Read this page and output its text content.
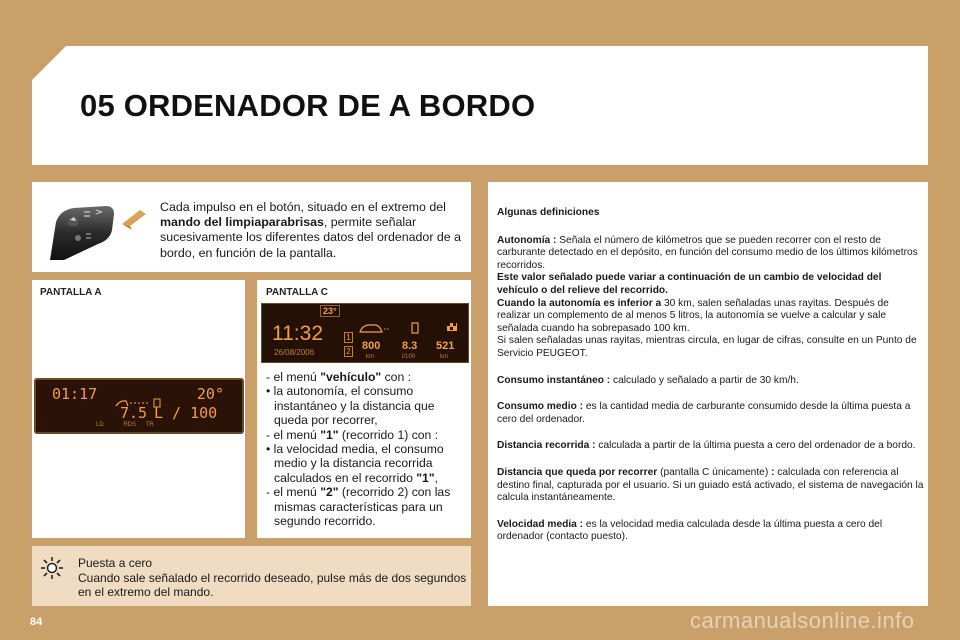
05 ORDENADOR DE A BORDO
Cada impulso en el botón, situado en el extremo del mando del limpiaparabrisas, permite señalar sucesivamente los diferentes datos del ordenador de a bordo, en función de la pantalla.
PANTALLA A	PANTALLA C
01:17	20°
7.5 L / 100
LD	RDS TR
23°
11:32
26/08/2006
1
2 800 8.3 521
km	l/100	km
- el menú "vehículo" con :
• la autonomía, el consumo
instantáneo y la distancia que
queda por recorrer,
- el menú "1" (recorrido 1) con :
• la velocidad media, el consumo
medio y la distancia recorrida
calculados en el recorrido "1",
- el menú "2" (recorrido 2) con las
mismas características para un
segundo recorrido.
Puesta a cero
Cuando sale señalado el recorrido deseado, pulse más de dos segundos en el extremo del mando.
Algunas definiciones
Autonomía : Señala el número de kilómetros que se pueden recorrer con el resto de carburante detectado en el depósito, en función del consumo medio de los últimos kilómetros recorridos.
Este valor señalado puede variar a continuación de un cambio de velocidad del vehículo o del relieve del recorrido.
Cuando la autonomía es inferior a 30 km, salen señaladas unas rayitas. Después de realizar un complemento de al menos 5 litros, la autonomía se vuelve a calcular y sale señalada cuando ha sobrepasado 100 km.
Si salen señaladas unas rayitas, mientras circula, en lugar de cifras, consulte en un Punto de Servicio PEUGEOT.
Consumo instantáneo : calculado y señalado a partir de 30 km/h.
Consumo medio : es la cantidad media de carburante consumido desde la última puesta a cero del ordenador.
Distancia recorrida : calculada a partir de la última puesta a cero del ordenador de a bordo.
Distancia que queda por recorrer (pantalla C únicamente) : calculada con referencia al destino final, capturada por el usuario. Si un guiado está activado, el sistema de navegación la calcula instantáneamente.
Velocidad media : es la velocidad media calculada desde la última puesta a cero del ordenador (contacto puesto).
84	carmanualsonline.info
